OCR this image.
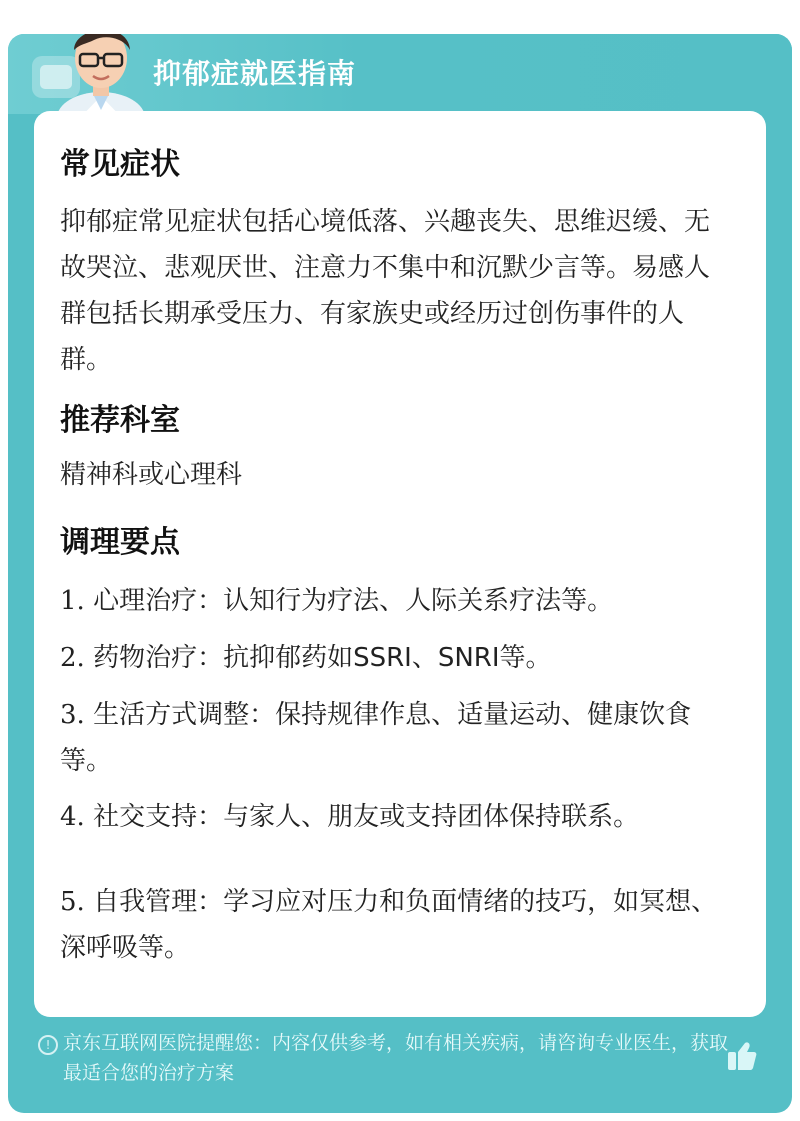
抑郁症就医指南
常见症状
抑郁症常见症状包括心境低落、兴趣丧失、思维迟缓、无故哭泣、悲观厌世、注意力不集中和沉默少言等。易感人群包括长期承受压力、有家族史或经历过创伤事件的人群。
推荐科室
精神科或心理科
调理要点
1. 心理治疗：认知行为疗法、人际关系疗法等。
2. 药物治疗：抗抑郁药如SSRI、SNRI等。
3. 生活方式调整：保持规律作息、适量运动、健康饮食等。
4. 社交支持：与家人、朋友或支持团体保持联系。
5. 自我管理：学习应对压力和负面情绪的技巧，如冥想、深呼吸等。
! 京东互联网医院提醒您：内容仅供参考，如有相关疾病，请咨询专业医生，获取最适合您的治疗方案
